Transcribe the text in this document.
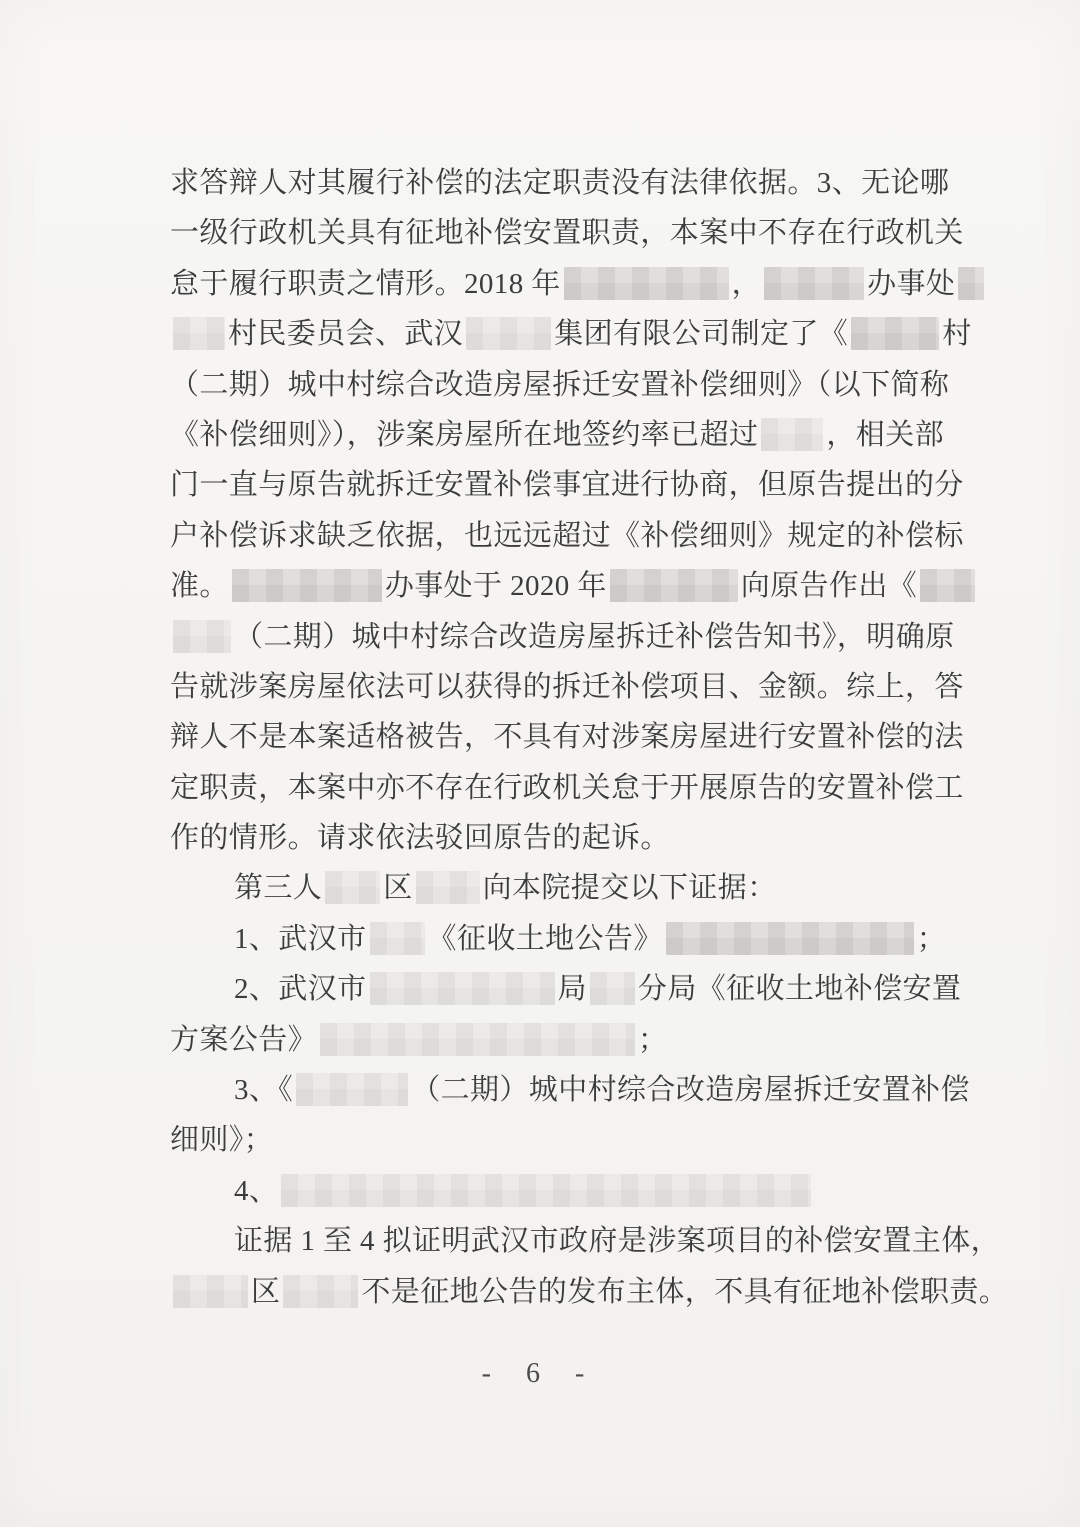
求答辩人对其履行补偿的法定职责没有法律依据。3、无论哪
一级行政机关具有征地补偿安置职责，本案中不存在行政机关
怠于履行职责之情形。2018 年	，	办事处
村民委员会、武汉	集团有限公司制定了《	村
（二期）城中村综合改造房屋拆迁安置补偿细则》（以下简称
《补偿细则》），涉案房屋所在地签约率已超过 ，相关部
门一直与原告就拆迁安置补偿事宜进行协商，但原告提出的分
户补偿诉求缺乏依据，也远远超过《补偿细则》规定的补偿标
准。	办事处于 2020 年	向原告作出《
（二期）城中村综合改造房屋拆迁补偿告知书》，明确原
告就涉案房屋依法可以获得的拆迁补偿项目、金额。综上，答
辩人不是本案适格被告，不具有对涉案房屋进行安置补偿的法
定职责，本案中亦不存在行政机关怠于开展原告的安置补偿工
作的情形。请求依法驳回原告的起诉。
第三人 区 向本院提交以下证据：
1、武汉市 《征收土地公告》	；
2、武汉市	局 分局《征收土地补偿安置
方案公告》	；
3、《	（二期）城中村综合改造房屋拆迁安置补偿
细则》；
4、
证据 1 至 4 拟证明武汉市政府是涉案项目的补偿安置主体，
区	不是征地公告的发布主体，不具有征地补偿职责。
- 6 -
